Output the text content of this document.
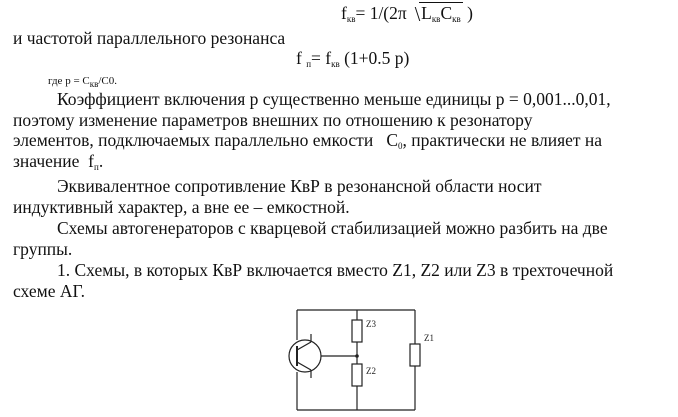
$f_{кв}= 1/(2\pi$ $L_{кв}C_{кв}$ )
и частотой параллельного резонанса
f $_п= f_{кв}$ (1+0.5 p)
где $p = C_{кв}/C0$.
Коэффициент включения p существенно меньше единицы p = 0,001...0,01,
поэтому изменение параметров внешних по отношению к резонатору
элементов, подключаемых параллельно емкости $C_0$, практически не влияет на
значение $f_п$.
Эквивалентное сопротивление КвР в резонансной области носит
индуктивный характер, а вне ее – емкостной.
Схемы автогенераторов с кварцевой стабилизацией можно разбить на две
группы.
1. Схемы, в которых КвР включается вместо Z1, Z2 или Z3 в трехточечной
схеме АГ.
Z3
Z2
Z1
